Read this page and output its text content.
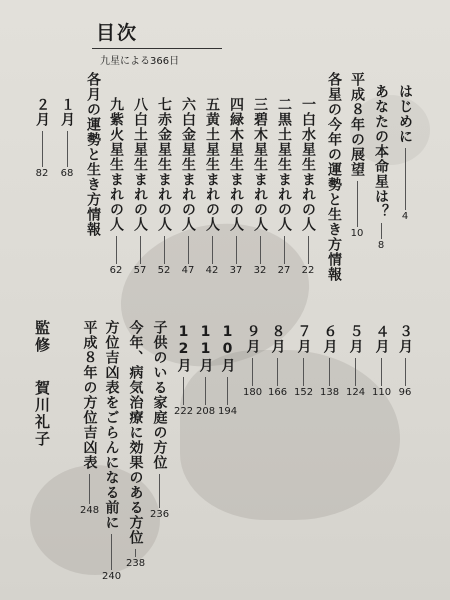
目次
九星による366日
はじめに
4
あなたの本命星は？
8
平成８年の展望
10
各星の今年の運勢と生き方情報
一白水星生まれの人
22
二黒土星生まれの人
27
三碧木星生まれの人
32
四緑木星生まれの人
37
五黄土星生まれの人
42
六白金星生まれの人
47
七赤金星生まれの人
52
八白土星生まれの人
57
九紫火星生まれの人
62
各月の運勢と生き方情報
１月
68
２月
82
３月
96
４月
110
５月
124
６月
138
７月
152
８月
166
９月
180
10月
194
11月
208
12月
222
子供のいる家庭の方位
236
今年、病気治療に効果のある方位
238
方位吉凶表をごらんになる前に
240
平成８年の方位吉凶表
248
監修
賀川礼子
